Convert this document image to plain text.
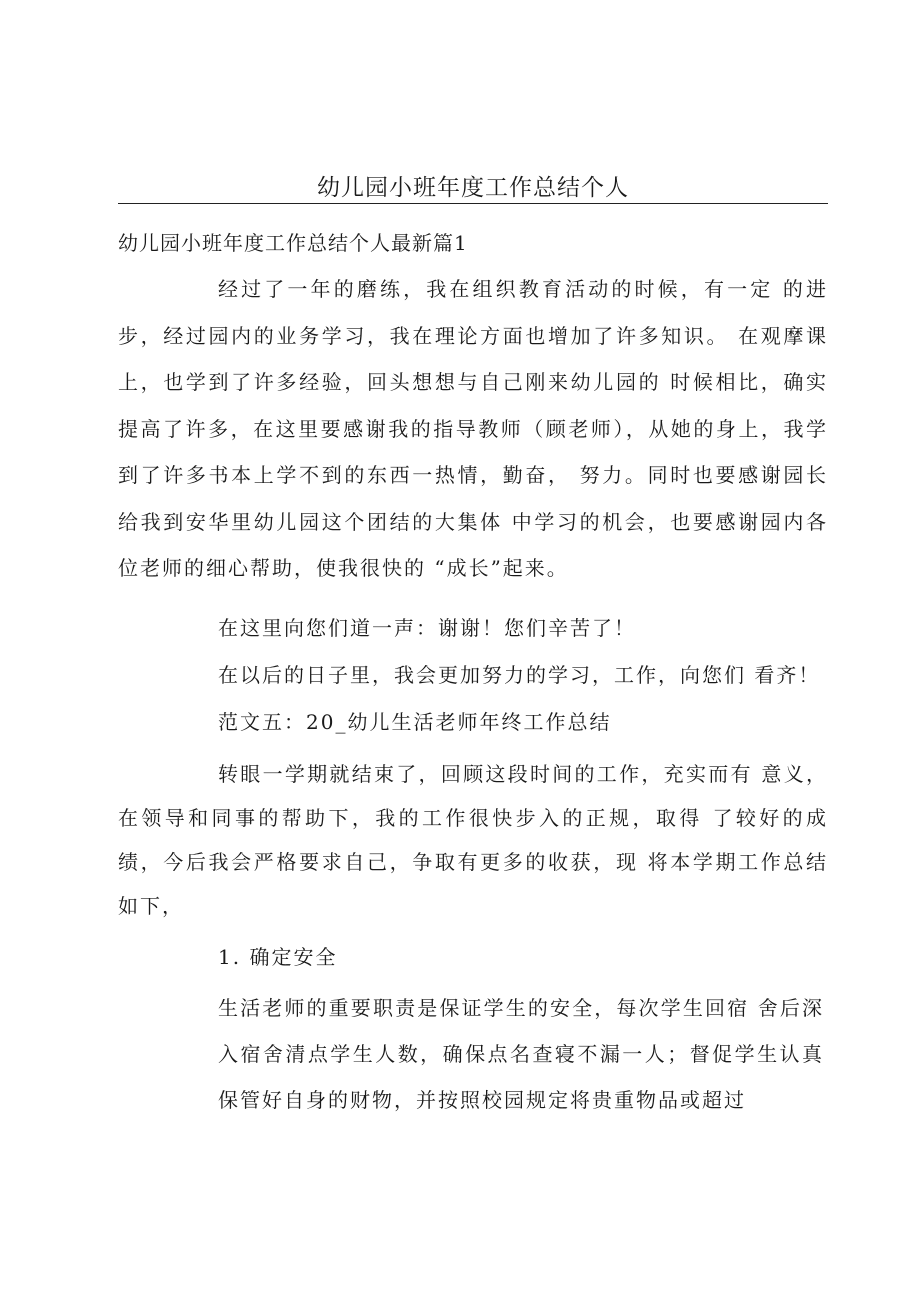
幼儿园小班年度工作总结个人
幼儿园小班年度工作总结个人最新篇1

经过了一年的磨练，我在组织教育活动的时候，有一定 的进步，经过园内的业务学习，我在理论方面也增加了许多知识。 在观摩课上，也学到了许多经验，回头想想与自己刚来幼儿园的 时候相比，确实提高了许多，在这里要感谢我的指导教师（顾老师），从她的身上，我学到了许多书本上学不到的东西一热情，勤奋， 努力。同时也要感谢园长给我到安华里幼儿园这个团结的大集体 中学习的机会，也要感谢园内各位老师的细心帮助，使我很快的 “成长”起来。

在这里向您们道一声：谢谢！您们辛苦了！
在以后的日子里，我会更加努力的学习，工作，向您们 看齐！
范文五：20_幼儿生活老师年终工作总结

转眼一学期就结束了，回顾这段时间的工作，充实而有 意义，在领导和同事的帮助下，我的工作很快步入的正规，取得 了较好的成绩，今后我会严格要求自己，争取有更多的收获，现 将本学期工作总结如下，

1. 确定安全

生活老师的重要职责是保证学生的安全，每次学生回宿 舍后深入宿舍清点学生人数，确保点名查寝不漏一人；督促学生认真保管好自身的财物，并按照校园规定将贵重物品或超过
